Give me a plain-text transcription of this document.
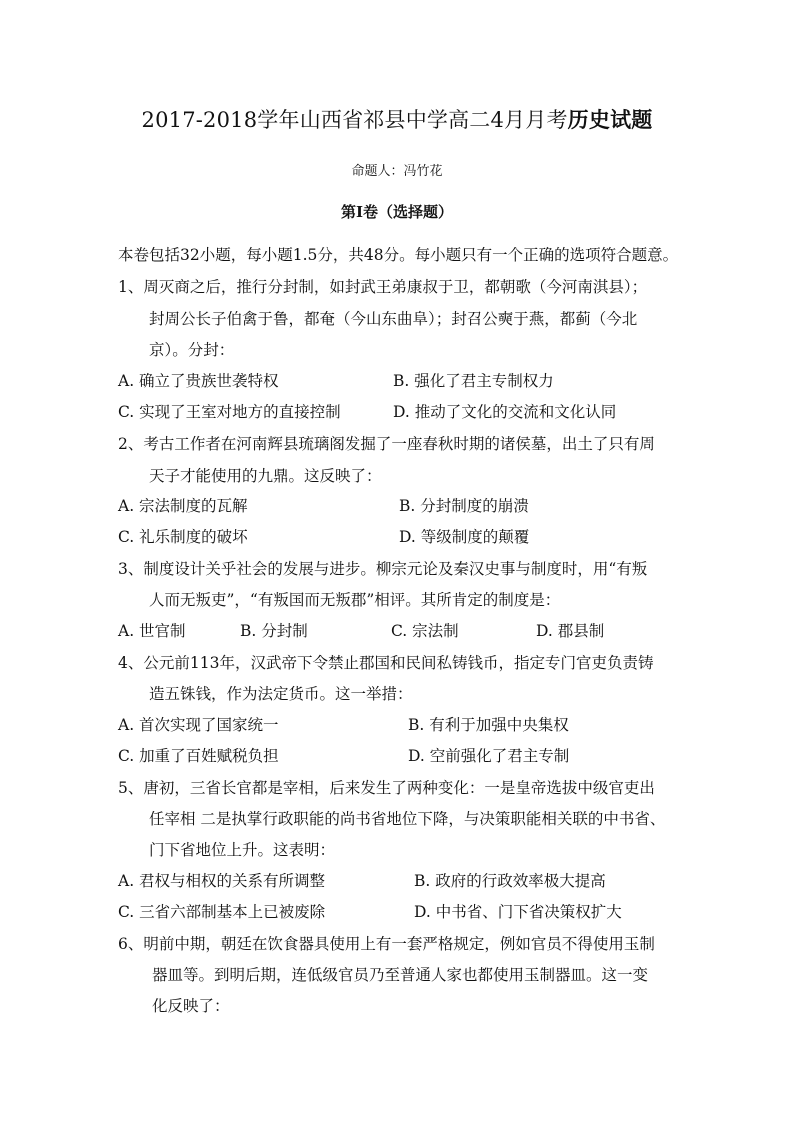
2017-2018学年山西省祁县中学高二4月月考历史试题
命题人：冯竹花
第Ⅰ卷（选择题）
本卷包括32小题，每小题1.5分，共48分。每小题只有一个正确的选项符合题意。
1、周灭商之后，推行分封制，如封武王弟康叔于卫，都朝歌（今河南淇县）；
封周公长子伯禽于鲁，都奄（今山东曲阜）；封召公奭于燕，都蓟（今北
京）。分封：
A. 确立了贵族世袭特权	B. 强化了君主专制权力
C. 实现了王室对地方的直接控制	D. 推动了文化的交流和文化认同
2、考古工作者在河南辉县琉璃阁发掘了一座春秋时期的诸侯墓，出土了只有周
天子才能使用的九鼎。这反映了：
A. 宗法制度的瓦解	B. 分封制度的崩溃
C. 礼乐制度的破坏	D. 等级制度的颠覆
3、制度设计关乎社会的发展与进步。柳宗元论及秦汉史事与制度时，用“有叛
人而无叛吏”，“有叛国而无叛郡”相评。其所肯定的制度是：
A. 世官制	B. 分封制	C. 宗法制	D. 郡县制
4、公元前113年，汉武帝下令禁止郡国和民间私铸钱币，指定专门官吏负责铸
造五铢钱，作为法定货币。这一举措：
A. 首次实现了国家统一	B. 有利于加强中央集权
C. 加重了百姓赋税负担	D. 空前强化了君主专制
5、唐初，三省长官都是宰相，后来发生了两种变化：一是皇帝选拔中级官吏出
任宰相 二是执掌行政职能的尚书省地位下降，与决策职能相关联的中书省、
门下省地位上升。这表明：
A. 君权与相权的关系有所调整	B. 政府的行政效率极大提高
C. 三省六部制基本上已被废除	D. 中书省、门下省决策权扩大
6、明前中期，朝廷在饮食器具使用上有一套严格规定，例如官员不得使用玉制
器皿等。到明后期，连低级官员乃至普通人家也都使用玉制器皿。这一变
化反映了：
